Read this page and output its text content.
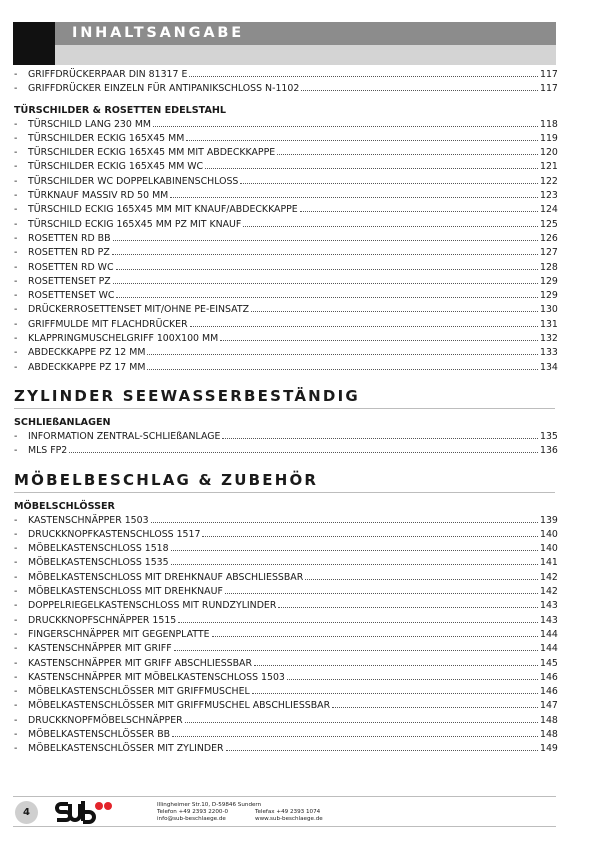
INHALTSANGABE
-	GRIFFDRÜCKERPAAR DIN 81317 E	117
-	GRIFFDRÜCKER EINZELN FÜR ANTIPANIKSCHLOSS N-1102	117
TÜRSCHILDER & ROSETTEN EDELSTAHL
-	TÜRSCHILD LANG 230 MM	118
-	TÜRSCHILDER ECKIG 165X45 MM	119
-	TÜRSCHILDER ECKIG 165X45 MM MIT ABDECKKAPPE	120
-	TÜRSCHILDER ECKIG 165X45 MM WC	121
-	TÜRSCHILDER WC DOPPELKABINENSCHLOSS	122
-	TÜRKNAUF MASSIV RD 50 MM	123
-	TÜRSCHILD ECKIG 165X45 MM MIT KNAUF/ABDECKKAPPE	124
-	TÜRSCHILD ECKIG 165X45 MM PZ MIT KNAUF	125
-	ROSETTEN RD BB	126
-	ROSETTEN RD PZ	127
-	ROSETTEN RD WC	128
-	ROSETTENSET PZ	129
-	ROSETTENSET WC	129
-	DRÜCKERROSETTENSET MIT/OHNE PE-EINSATZ	130
-	GRIFFMULDE MIT FLACHDRÜCKER	131
-	KLAPPRINGMUSCHELGRIFF 100X100 MM	132
-	ABDECKKAPPE PZ 12 MM	133
-	ABDECKKAPPE PZ 17 MM	134
ZYLINDER SEEWASSERBESTÄNDIG
SCHLIEßANLAGEN
-	INFORMATION ZENTRAL-SCHLIEßANLAGE	135
-	MLS FP2	136
MÖBELBESCHLAG & ZUBEHÖR
MÖBELSCHLÖSSER
-	KASTENSCHNÄPPER 1503	139
-	DRUCKKNOPFKASTENSCHLOSS 1517	140
-	MÖBELKASTENSCHLOSS 1518	140
-	MÖBELKASTENSCHLOSS 1535	141
-	MÖBELKASTENSCHLOSS MIT DREHKNAUF ABSCHLIESSBAR	142
-	MÖBELKASTENSCHLOSS MIT DREHKNAUF	142
-	DOPPELRIEGELKASTENSCHLOSS MIT RUNDZYLINDER	143
-	DRUCKKNOPFSCHNÄPPER 1515	143
-	FINGERSCHNÄPPER MIT GEGENPLATTE	144
-	KASTENSCHNÄPPER MIT GRIFF	144
-	KASTENSCHNÄPPER MIT GRIFF ABSCHLIESSBAR	145
-	KASTENSCHNÄPPER MIT MÖBELKASTENSCHLOSS 1503	146
-	MÖBELKASTENSCHLÖSSER MIT GRIFFMUSCHEL	146
-	MÖBELKASTENSCHLÖSSER MIT GRIFFMUSCHEL ABSCHLIESSBAR	147
-	DRUCKKNOPFMÖBELSCHNÄPPER	148
-	MÖBELKASTENSCHLÖSSER BB	148
-	MÖBELKASTENSCHLÖSSER MIT ZYLINDER	149
4
Illingheimer Str.10, D-59846 Sundern
Telefon +49 2393 2200-0
info@sub-beschlaege.de
Telefax +49 2393 1074
www.sub-beschlaege.de
